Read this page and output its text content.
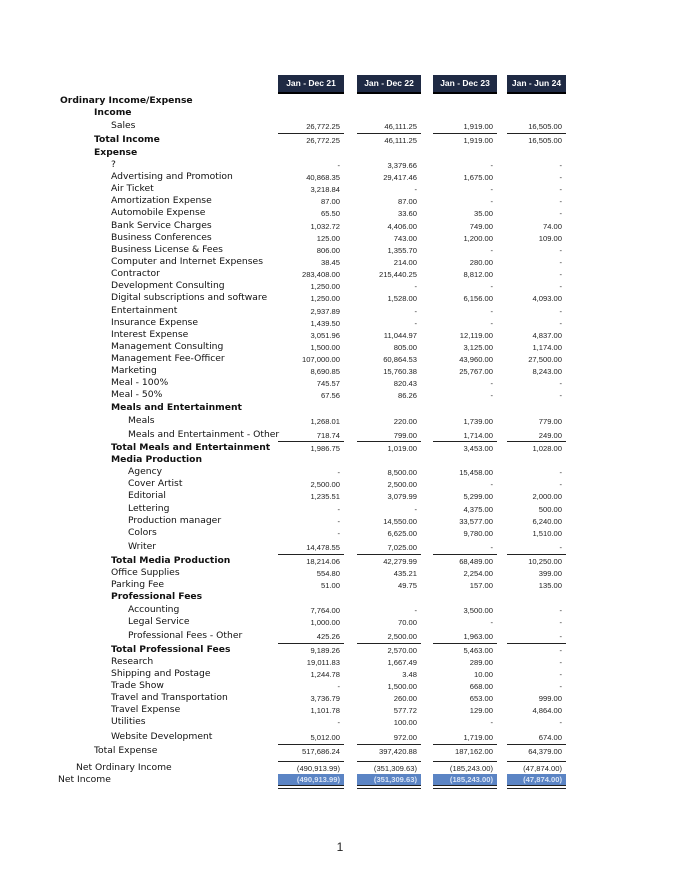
Jan - Dec 21	Jan - Dec 22	Jan - Dec 23	Jan - Jun 24
Ordinary Income/Expense
Income
Sales	26,772.25	46,111.25	1,919.00	16,505.00
Total Income	26,772.25	46,111.25	1,919.00	16,505.00
Expense
?	-	3,379.66	-	-
Advertising and Promotion	40,868.35	29,417.46	1,675.00	-
Air Ticket	3,218.84	-	-	-
Amortization Expense	87.00	87.00	-	-
Automobile Expense	65.50	33.60	35.00	-
Bank Service Charges	1,032.72	4,406.00	749.00	74.00
Business Conferences	125.00	743.00	1,200.00	109.00
Business License & Fees	806.00	1,355.70	-	-
Computer and Internet Expenses	38.45	214.00	280.00	-
Contractor	283,408.00	215,440.25	8,812.00	-
Development Consulting	1,250.00	-	-	-
Digital subscriptions and software	1,250.00	1,528.00	6,156.00	4,093.00
Entertainment	2,937.89	-	-	-
Insurance Expense	1,439.50	-	-	-
Interest Expense	3,051.96	11,044.97	12,119.00	4,837.00
Management Consulting	1,500.00	805.00	3,125.00	1,174.00
Management Fee-Officer	107,000.00	60,864.53	43,960.00	27,500.00
Marketing	8,690.85	15,760.38	25,767.00	8,243.00
Meal - 100%	745.57	820.43	-	-
Meal - 50%	67.56	86.26	-	-
Meals and Entertainment
Meals	1,268.01	220.00	1,739.00	779.00
Meals and Entertainment - Other	718.74	799.00	1,714.00	249.00
Total Meals and Entertainment	1,986.75	1,019.00	3,453.00	1,028.00
Media Production
Agency	-	8,500.00	15,458.00	-
Cover Artist	2,500.00	2,500.00	-	-
Editorial	1,235.51	3,079.99	5,299.00	2,000.00
Lettering	-	-	4,375.00	500.00
Production manager	-	14,550.00	33,577.00	6,240.00
Colors	-	6,625.00	9,780.00	1,510.00
Writer	14,478.55	7,025.00	-	-
Total Media Production	18,214.06	42,279.99	68,489.00	10,250.00
Office Supplies	554.80	435.21	2,254.00	399.00
Parking Fee	51.00	49.75	157.00	135.00
Professional Fees
Accounting	7,764.00	-	3,500.00	-
Legal Service	1,000.00	70.00	-	-
Professional Fees - Other	425.26	2,500.00	1,963.00	-
Total Professional Fees	9,189.26	2,570.00	5,463.00	-
Research	19,011.83	1,667.49	289.00	-
Shipping and Postage	1,244.78	3.48	10.00	-
Trade Show	-	1,500.00	668.00	-
Travel and Transportation	3,736.79	260.00	653.00	999.00
Travel Expense	1,101.78	577.72	129.00	4,864.00
Utilities	-	100.00	-	-
Website Development	5,012.00	972.00	1,719.00	674.00
Total Expense	517,686.24	397,420.88	187,162.00	64,379.00
Net Ordinary Income	(490,913.99)	(351,309.63)	(185,243.00)	(47,874.00)
Net Income	(490,913.99)	(351,309.63)	(185,243.00)	(47,874.00)
1
